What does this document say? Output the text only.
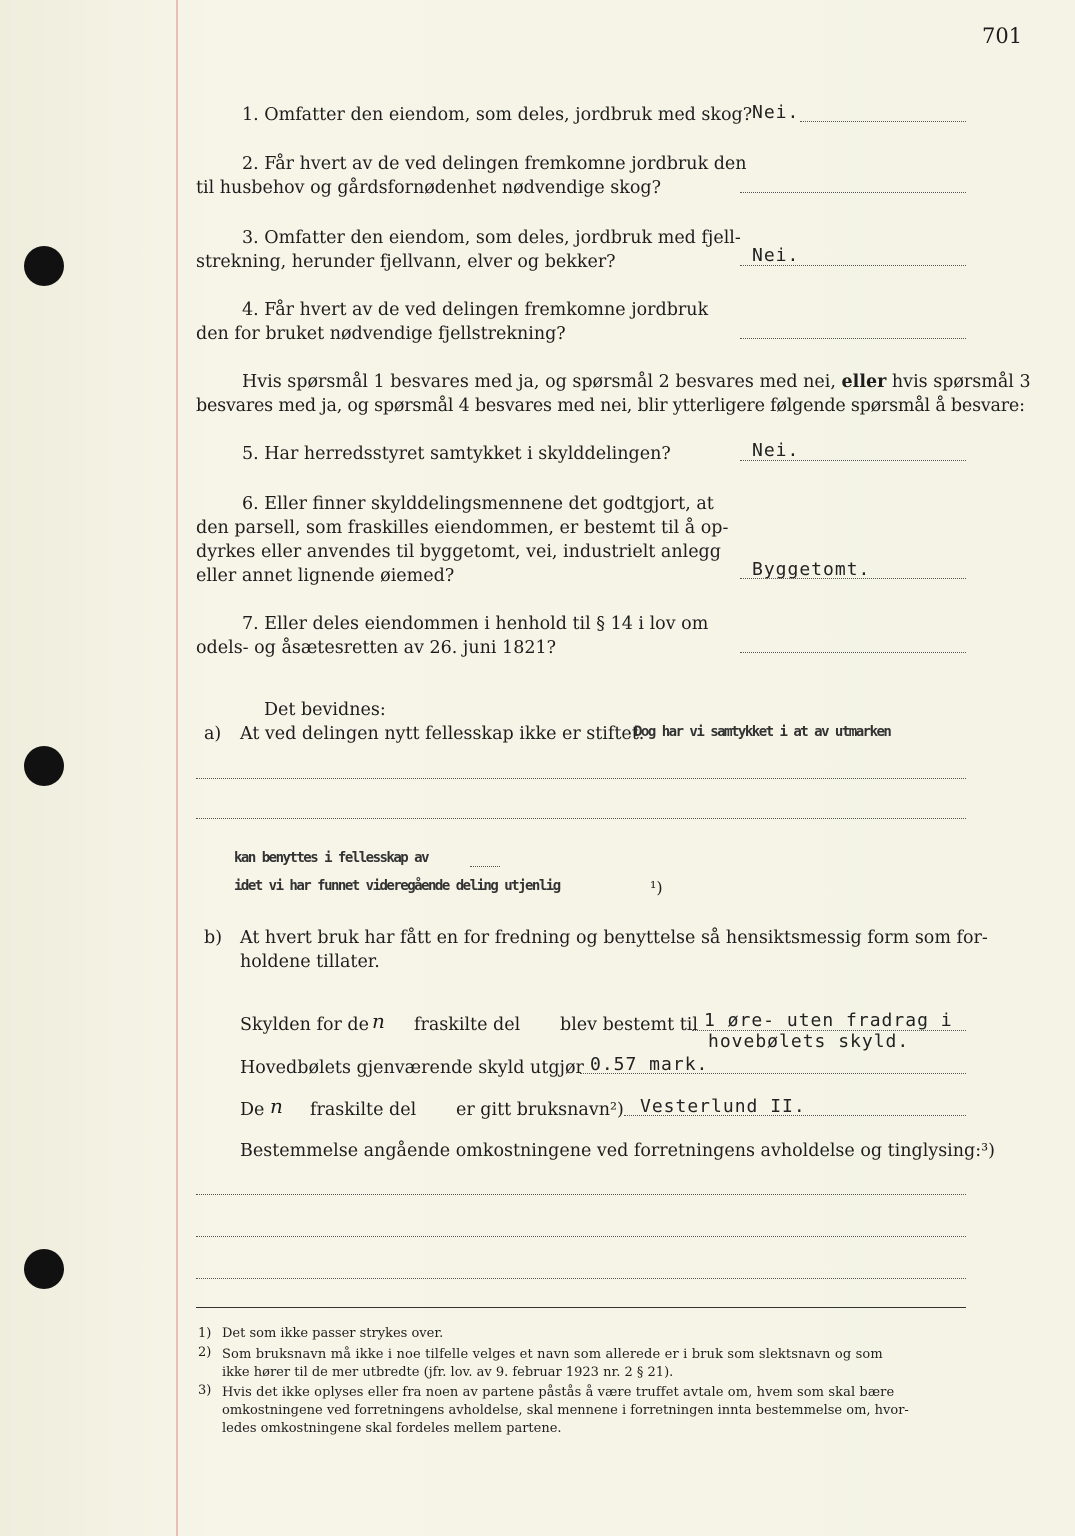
701
1. Omfatter den eiendom, som deles, jordbruk med skog? Nei.
2. Får hvert av de ved delingen fremkomne jordbruk den
til husbehov og gårdsfornødenhet nødvendige skog?
3. Omfatter den eiendom, som deles, jordbruk med fjell-
strekning, herunder fjellvann, elver og bekker?	Nei.
4. Får hvert av de ved delingen fremkomne jordbruk
den for bruket nødvendige fjellstrekning?
Hvis spørsmål 1 besvares med ja, og spørsmål 2 besvares med nei, eller hvis spørsmål 3
besvares med ja, og spørsmål 4 besvares med nei, blir ytterligere følgende spørsmål å besvare:
5. Har herredsstyret samtykket i skylddelingen?	Nei.
6. Eller finner skylddelingsmennene det godtgjort, at
den parsell, som fraskilles eiendommen, er bestemt til å op-
dyrkes eller anvendes til byggetomt, vei, industrielt anlegg
eller annet lignende øiemed?	Byggetomt.
7. Eller deles eiendommen i henhold til § 14 i lov om
odels- og åsætesretten av 26. juni 1821?
Det bevidnes:
a) At ved delingen nytt fellesskap ikke er stiftet.
Dog har vi samtykket i at av utmarken
kan benyttes i fellesskap av
idet vi har funnet videregående deling utjenlig	¹)
b) At hvert bruk har fått en for fredning og benyttelse så hensiktsmessig form som for-
holdene tillater.
Skylden for de n fraskilte del blev bestemt til 1 øre- uten fradrag i
hovebølets skyld.
Hovedbølets gjenværende skyld utgjør 0.57 mark.
De n fraskilte del er gitt bruksnavn²) Vesterlund II.
Bestemmelse angående omkostningene ved forretningens avholdelse og tinglysing:³)
1) Det som ikke passer strykes over.
2) Som bruksnavn må ikke i noe tilfelle velges et navn som allerede er i bruk som slektsnavn og som
ikke hører til de mer utbredte (jfr. lov. av 9. februar 1923 nr. 2 § 21).
3) Hvis det ikke oplyses eller fra noen av partene påstås å være truffet avtale om, hvem som skal bære
omkostningene ved forretningens avholdelse, skal mennene i forretningen innta bestemmelse om, hvor-
ledes omkostningene skal fordeles mellem partene.
